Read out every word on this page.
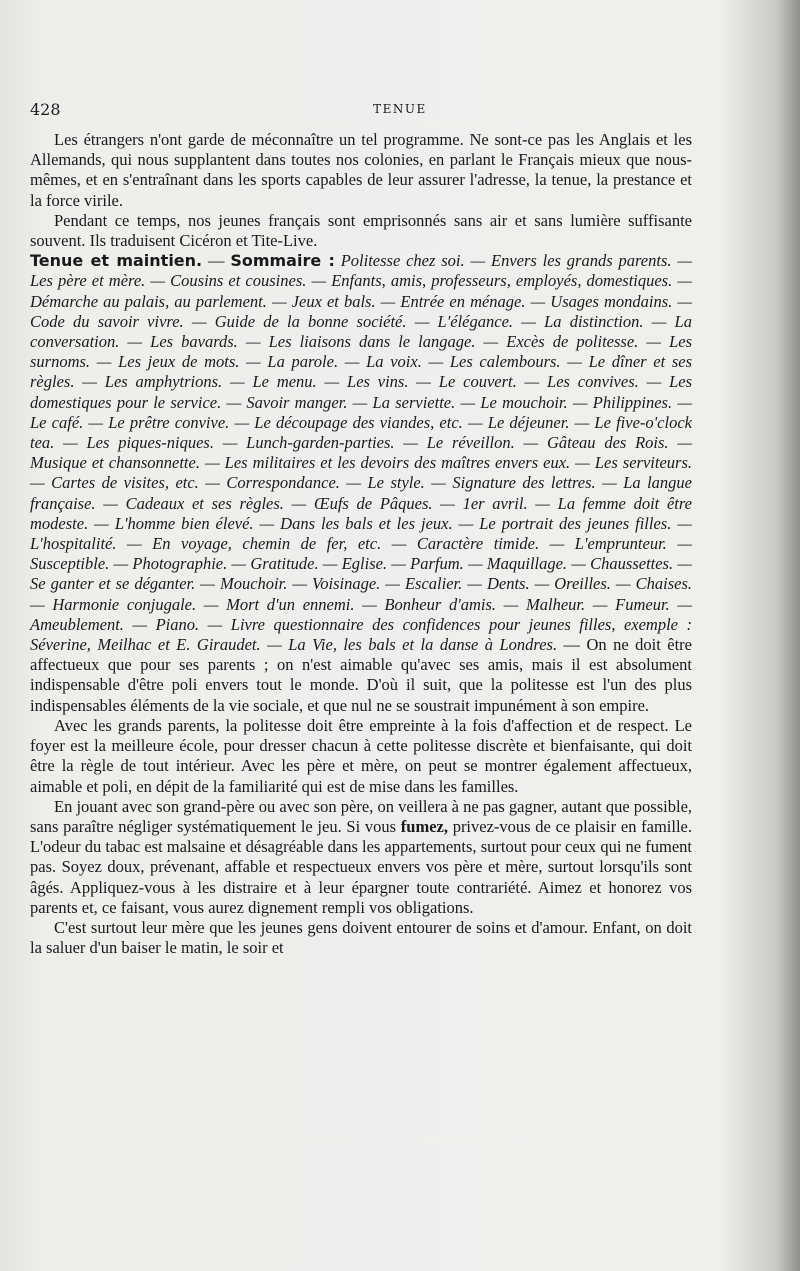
428	TENUE

Les étrangers n'ont garde de méconnaître un tel programme. Ne sont-ce pas les Anglais et les Allemands, qui nous supplantent dans toutes nos colonies, en parlant le Français mieux que nous-mêmes, et en s'entraînant dans les sports capables de leur assurer l'adresse, la tenue, la prestance et la force virile.

Pendant ce temps, nos jeunes français sont emprisonnés sans air et sans lumière suffisante souvent. Ils traduisent Cicéron et Tite-Live.

Tenue et maintien. — Sommaire : Politesse chez soi. — Envers les grands parents. — Les père et mère. — Cousins et cousines. — Enfants, amis, professeurs, employés, domestiques. — Démarche au palais, au parlement. — Jeux et bals. — Entrée en ménage. — Usages mondains. — Code du savoir vivre. — Guide de la bonne société. — L'élégance. — La distinction. — La conversation. — Les bavards. — Les liaisons dans le langage. — Excès de politesse. — Les surnoms. — Les jeux de mots. — La parole. — La voix. — Les calembours. — Le dîner et ses règles. — Les amphytrions. — Le menu. — Les vins. — Le couvert. — Les convives. — Les domestiques pour le service. — Savoir manger. — La serviette. — Le mouchoir. — Philippines. — Le café. — Le prêtre convive. — Le découpage des viandes, etc. — Le déjeuner. — Le five-o'clock tea. — Les piques-niques. — Lunch-garden-parties. — Le réveillon. — Gâteau des Rois. — Musique et chansonnette. — Les militaires et les devoirs des maîtres envers eux. — Les serviteurs. — Cartes de visites, etc. — Correspondance. — Le style. — Signature des lettres. — La langue française. — Cadeaux et ses règles. — Œufs de Pâques. — 1er avril. — La femme doit être modeste. — L'homme bien élevé. — Dans les bals et les jeux. — Le portrait des jeunes filles. — L'hospitalité. — En voyage, chemin de fer, etc. — Caractère timide. — L'emprunteur. — Susceptible. — Photographie. — Gratitude. — Eglise. — Parfum. — Maquillage. — Chaussettes. — Se ganter et se déganter. — Mouchoir. — Voisinage. — Escalier. — Dents. — Oreilles. — Chaises. — Harmonie conjugale. — Mort d'un ennemi. — Bonheur d'amis. — Malheur. — Fumeur. — Ameublement. — Piano. — Livre questionnaire des confidences pour jeunes filles, exemple : Séverine, Meilhac et E. Giraudet. — La Vie, les bals et la danse à Londres. — On ne doit être affectueux que pour ses parents ; on n'est aimable qu'avec ses amis, mais il est absolument indispensable d'être poli envers tout le monde. D'où il suit, que la politesse est l'un des plus indispensables éléments de la vie sociale, et que nul ne se soustrait impunément à son empire.

Avec les grands parents, la politesse doit être empreinte à la fois d'affection et de respect. Le foyer est la meilleure école, pour dresser chacun à cette politesse discrète et bienfaisante, qui doit être la règle de tout intérieur. Avec les père et mère, on peut se montrer également affectueux, aimable et poli, en dépit de la familiarité qui est de mise dans les familles.

En jouant avec son grand-père ou avec son père, on veillera à ne pas gagner, autant que possible, sans paraître négliger systématiquement le jeu. Si vous fumez, privez-vous de ce plaisir en famille. L'odeur du tabac est malsaine et désagréable dans les appartements, surtout pour ceux qui ne fument pas. Soyez doux, prévenant, affable et respectueux envers vos père et mère, surtout lorsqu'ils sont âgés. Appliquez-vous à les distraire et à leur épargner toute contrariété. Aimez et honorez vos parents et, ce faisant, vous aurez dignement rempli vos obligations.

C'est surtout leur mère que les jeunes gens doivent entourer de soins et d'amour. Enfant, on doit la saluer d'un baiser le matin, le soir et
